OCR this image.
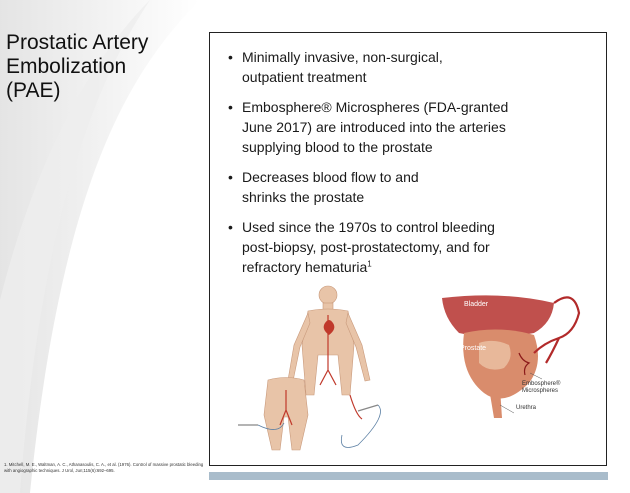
Prostatic Artery
Embolization
(PAE)
• Minimally invasive, non-surgical,
outpatient treatment
• Embosphere® Microspheres (FDA-granted
June 2017) are introduced into the arteries
supplying blood to the prostate
• Decreases blood flow to and
shrinks the prostate
• Used since the 1970s to control bleeding
post-biopsy, post-prostatectomy, and for
refractory hematuria$^1$
Bladder
Prostate
Embosphere®
Microspheres
Urethra
1. Mitchell, M. E., Waltman, A. C., Athanasoulis, C. A., et al. (1976). Control of massive prostatic bleeding with angiographic techniques. J Urol, Jun;115(6):692–695.
